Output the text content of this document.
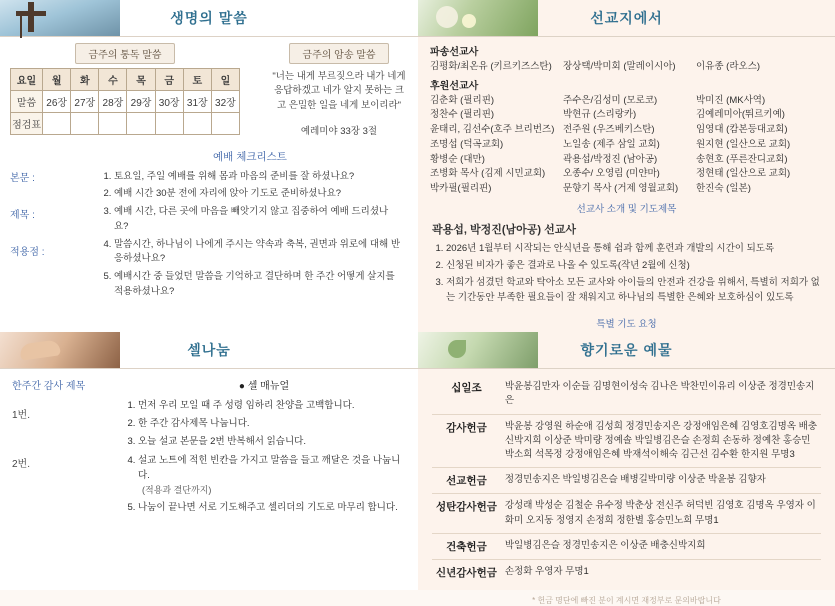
생명의 말씀
금주의 통독 말씀
요일	월	화	수	목	금	토	일
말씀	26장	27장	28장	29장	30장	31장	32장
점검표							
금주의 암송 말씀
"너는 내게 부르짖으라 내가 네게 응답하겠고 네가 알지 못하는 크고 은밀한 일을 네게 보이리라"
예레미야 33장 3절
본문 :
제목 :
적용점 :
예배 체크리스트
1. 토요일, 주일 예배를 위해 몸과 마음의 준비를 잘 하셨나요?
2. 예배 시간 30분 전에 자리에 앉아 기도로 준비하셨나요?
3. 예배 시간, 다른 곳에 마음을 빼앗기지 않고 집중하여 예배 드리셨나요?
4. 말씀시간, 하나님이 나에게 주시는 약속과 축복, 권면과 위로에 대해 반응하셨나요?
5. 예배시간 중 들었던 말씀을 기억하고 결단하며 한 주간 어떻게 살지를 적용하셨나요?
선교지에서
파송선교사
김평화/최온유 (키르키즈스탄)	장상택/박미회 (말레이시아)	이유종 (라오스)
후원선교사
김춘화 (필리핀)	주수은/김성미 (모로코)	박미진 (MK사역)
정찬수 (필리핀)	박현규 (스리랑카)	김예레미아(뛰르키예)
윤태리, 김선수(호주 브리번즈) 전주원 (우즈베키스탄)	임영대 (캄본등대교회)
조명섭 (덕곡교회)	노일송 (제주 삼일 교회)	원지현 (일산으로 교회)
황병순 (대만)	곽용섭/박정진 (남아공)	송현호 (푸른잔디교회)
조병화 목사 (김제 시민교회)	오종수/ 오영림 (미얀마)	정현태 (일산으로 교회)
박카필(필리핀)	문향기 목사 (거제 영월교회)	한진숙 (일본)
선교사 소개 및 기도제목
곽용섭, 박정진(남아공) 선교사
1. 2026년 1월부터 시작되는 안식년을 통해 쉼과 함께 훈련과 개발의 시간이 되도록
2. 신청된 비자가 좋은 결과로 나올 수 있도록(작년 2월에 신청)
3. 저희가 섬겼던 학교와 탁아소 모든 교사와 아이들의 안전과 건강을 위해서, 특별히 저희가 없는 기간동안 부족한 필요들이 잘 채워지고 하나님의 특별한 은혜와 보호하심이 있도록
특별 기도 요청
셀나눔
한주간 감사 제목
1번.
2번.
● 셀 매뉴얼
1. 먼저 우리 모일 때 주 성령 임하리 찬양을 고백합니다.
2. 한 주간 감사제목 나눕니다.
3. 오늘 설교 본문을 2번 반복해서 읽습니다.
4. 설교 노트에 적힌 빈칸을 가지고 말씀을 들고 깨달은 것을 나눕니다.
(적용과 결단까지)
5. 나눔이 끝나면 서로 기도해주고 셀리더의 기도로 마무리 합니다.
향기로운 예물
십일조	박윤봉김만자 이순들 김명현이성숙 김나은 박찬민이유리 이상준 정경민송지은
감사헌금	박윤봉 강영원 하순애 김성희 정경민송지은 강정애임은혜 김영호김명옥 배충신박지희 이상준 박미량 정예솔 박일병김은슬 손정희 손동하 정예찬 홍승민박소희 석목정 강정애임은혜 박재석이해숙 김근선 김수환 한지원 무명3
선교헌금	정경민송지은 박일병김은슬 배병길박미량 이상준 박윤봉 김향자
성탄감사헌금	강성래 박성순 김철순 유수정 박춘상 전신주 허덕빈 김영호 김명옥 우영자 이화미 오지동 정영지 손정희 정한별 홍승민노희 무명1
건축헌금	박일병김은슬 정경민송지은 이상준 배충신박지희
신년감사헌금	손정화 우영자 무명1
* 헌금 명단에 빠진 분이 계시면 재정부로 문의바랍니다
